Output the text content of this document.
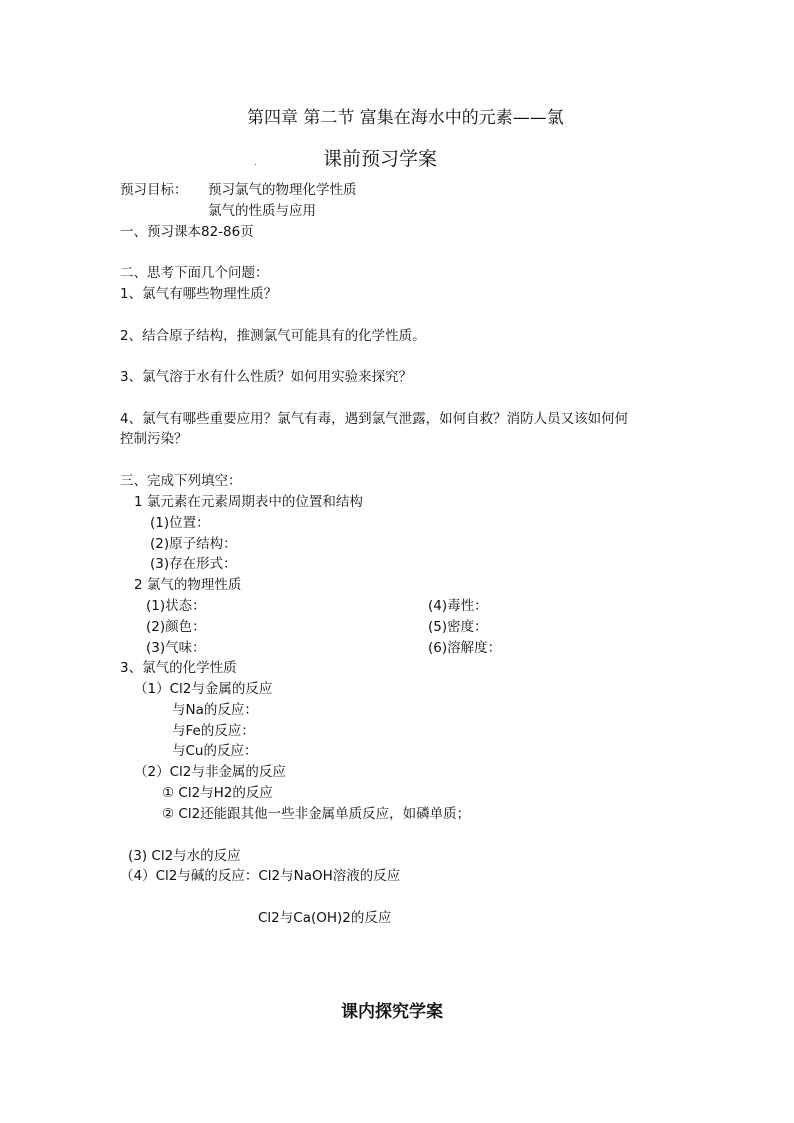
第四章 第二节 富集在海水中的元素——氯
.	课前预习学案
预习目标： 预习氯气的物理化学性质
氯气的性质与应用
一、预习课本82-86页
二、思考下面几个问题：
1、氯气有哪些物理性质？
2、结合原子结构，推测氯气可能具有的化学性质。
3、氯气溶于水有什么性质？如何用实验来探究？
4、氯气有哪些重要应用？氯气有毒，遇到氯气泄露，如何自救？消防人员又该如何何
控制污染？
三、完成下列填空：
1 氯元素在元素周期表中的位置和结构
(1)位置：
(2)原子结构：
(3)存在形式：
2 氯气的物理性质
(1)状态：
(2)颜色：
(3)气味：
(4)毒性：
(5)密度：
(6)溶解度：
3、氯气的化学性质
（1）Cl2与金属的反应
与Na的反应：
与Fe的反应：
与Cu的反应：
（2）Cl2与非金属的反应
① Cl2与H2的反应
② Cl2还能跟其他一些非金属单质反应，如磷单质；
(3) Cl2与水的反应
（4）Cl2与碱的反应：Cl2与NaOH溶液的反应
Cl2与Ca(OH)2的反应
课内探究学案
